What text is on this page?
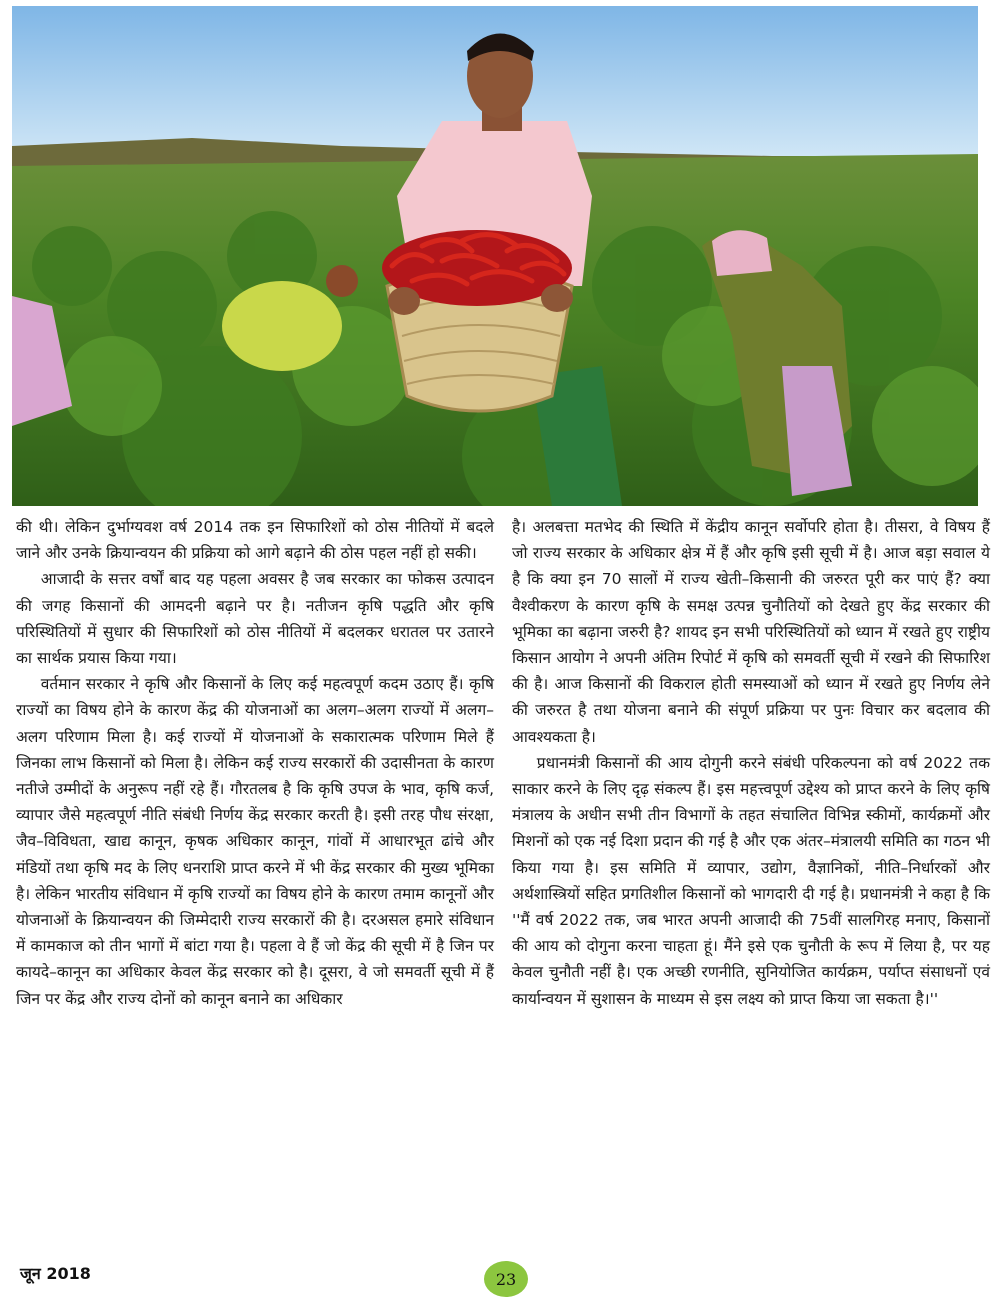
की थी। लेकिन दुर्भाग्यवश वर्ष 2014 तक इन सिफारिशों को ठोस नीतियों में बदले जाने और उनके क्रियान्वयन की प्रक्रिया को आगे बढ़ाने की ठोस पहल नहीं हो सकी।

आजादी के सत्तर वर्षों बाद यह पहला अवसर है जब सरकार का फोकस उत्पादन की जगह किसानों की आमदनी बढ़ाने पर है। नतीजन कृषि पद्धति और कृषि परिस्थितियों में सुधार की सिफारिशों को ठोस नीतियों में बदलकर धरातल पर उतारने का सार्थक प्रयास किया गया।

वर्तमान सरकार ने कृषि और किसानों के लिए कई महत्वपूर्ण कदम उठाए हैं। कृषि राज्यों का विषय होने के कारण केंद्र की योजनाओं का अलग–अलग राज्यों में अलग–अलग परिणाम मिला है। कई राज्यों में योजनाओं के सकारात्मक परिणाम मिले हैं जिनका लाभ किसानों को मिला है। लेकिन कई राज्य सरकारों की उदासीनता के कारण नतीजे उम्मीदों के अनुरूप नहीं रहे हैं। गौरतलब है कि कृषि उपज के भाव, कृषि कर्ज, व्यापार जैसे महत्वपूर्ण नीति संबंधी निर्णय केंद्र सरकार करती है। इसी तरह पौध संरक्षा, जैव–विविधता, खाद्य कानून, कृषक अधिकार कानून, गांवों में आधारभूत ढांचे और मंडियों तथा कृषि मद के लिए धनराशि प्राप्त करने में भी केंद्र सरकार की मुख्य भूमिका है। लेकिन भारतीय संविधान में कृषि राज्यों का विषय होने के कारण तमाम कानूनों और योजनाओं के क्रियान्वयन की जिम्मेदारी राज्य सरकारों की है। दरअसल हमारे संविधान में कामकाज को तीन भागों में बांटा गया है। पहला वे हैं जो केंद्र की सूची में है जिन पर कायदे–कानून का अधिकार केवल केंद्र सरकार को है। दूसरा, वे जो समवर्ती सूची में हैं जिन पर केंद्र और राज्य दोनों को कानून बनाने का अधिकार

है। अलबत्ता मतभेद की स्थिति में केंद्रीय कानून सर्वोपरि होता है। तीसरा, वे विषय हैं जो राज्य सरकार के अधिकार क्षेत्र में हैं और कृषि इसी सूची में है। आज बड़ा सवाल ये है कि क्या इन 70 सालों में राज्य खेती–किसानी की जरुरत पूरी कर पाएं हैं? क्या वैश्वीकरण के कारण कृषि के समक्ष उत्पन्न चुनौतियों को देखते हुए केंद्र सरकार की भूमिका का बढ़ाना जरुरी है? शायद इन सभी परिस्थितियों को ध्यान में रखते हुए राष्ट्रीय किसान आयोग ने अपनी अंतिम रिपोर्ट में कृषि को समवर्ती सूची में रखने की सिफारिश की है। आज किसानों की विकराल होती समस्याओं को ध्यान में रखते हुए निर्णय लेने की जरुरत है तथा योजना बनाने की संपूर्ण प्रक्रिया पर पुनः विचार कर बदलाव की आवश्यकता है।

प्रधानमंत्री किसानों की आय दोगुनी करने संबंधी परिकल्पना को वर्ष 2022 तक साकार करने के लिए दृढ़ संकल्प हैं। इस महत्त्वपूर्ण उद्देश्य को प्राप्त करने के लिए कृषि मंत्रालय के अधीन सभी तीन विभागों के तहत संचालित विभिन्न स्कीमों, कार्यक्रमों और मिशनों को एक नई दिशा प्रदान की गई है और एक अंतर–मंत्रालयी समिति का गठन भी किया गया है। इस समिति में व्यापार, उद्योग, वैज्ञानिकों, नीति–निर्धारकों और अर्थशास्त्रियों सहित प्रगतिशील किसानों को भागदारी दी गई है। प्रधानमंत्री ने कहा है कि ''मैं वर्ष 2022 तक, जब भारत अपनी आजादी की 75वीं सालगिरह मनाए, किसानों की आय को दोगुना करना चाहता हूं। मैंने इसे एक चुनौती के रूप में लिया है, पर यह केवल चुनौती नहीं है। एक अच्छी रणनीति, सुनियोजित कार्यक्रम, पर्याप्त संसाधनों एवं कार्यान्वयन में सुशासन के माध्यम से इस लक्ष्य को प्राप्त किया जा सकता है।''

जून 2018	23
